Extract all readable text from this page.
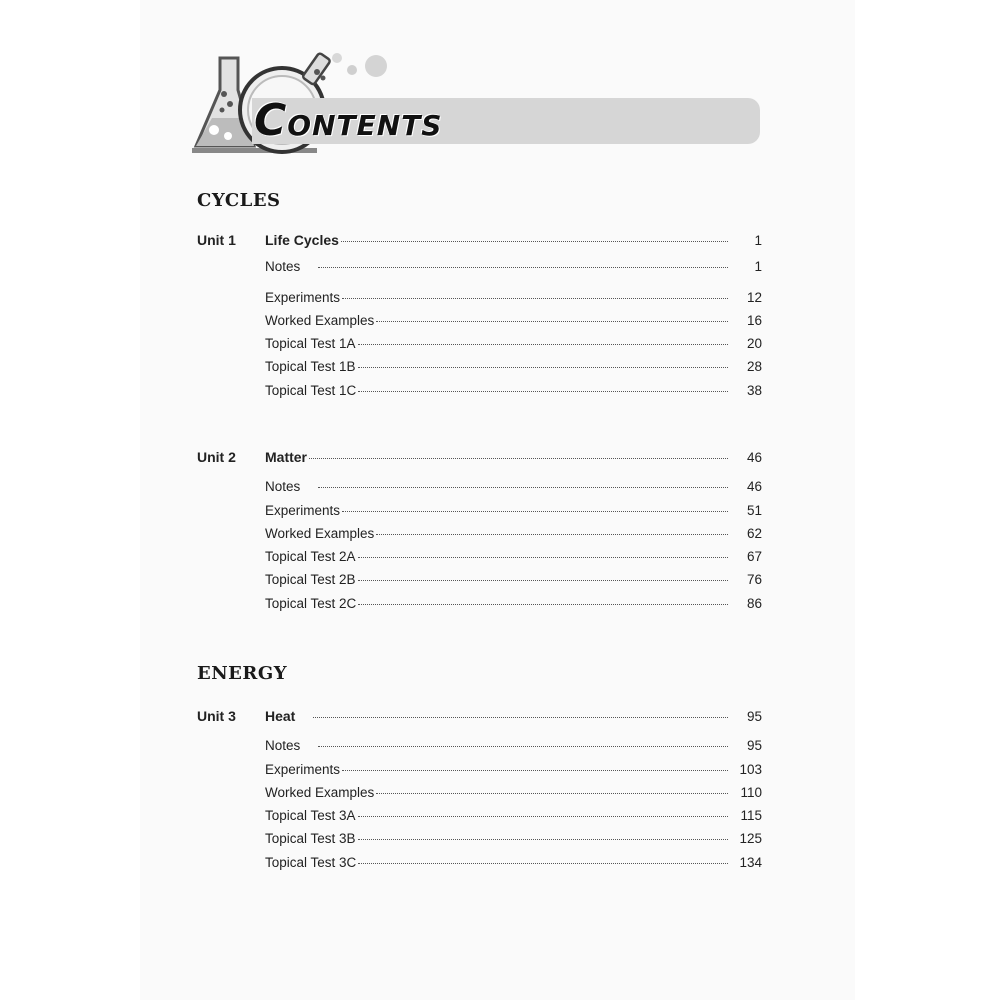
CONTENTS
CYCLES
Unit 1	Life Cycles	1
Notes	1
Experiments	12
Worked Examples	16
Topical Test 1A	20
Topical Test 1B	28
Topical Test 1C	38
Unit 2	Matter	46
Notes	46
Experiments	51
Worked Examples	62
Topical Test 2A	67
Topical Test 2B	76
Topical Test 2C	86
ENERGY
Unit 3	Heat	95
Notes	95
Experiments	103
Worked Examples	110
Topical Test 3A	115
Topical Test 3B	125
Topical Test 3C	134
